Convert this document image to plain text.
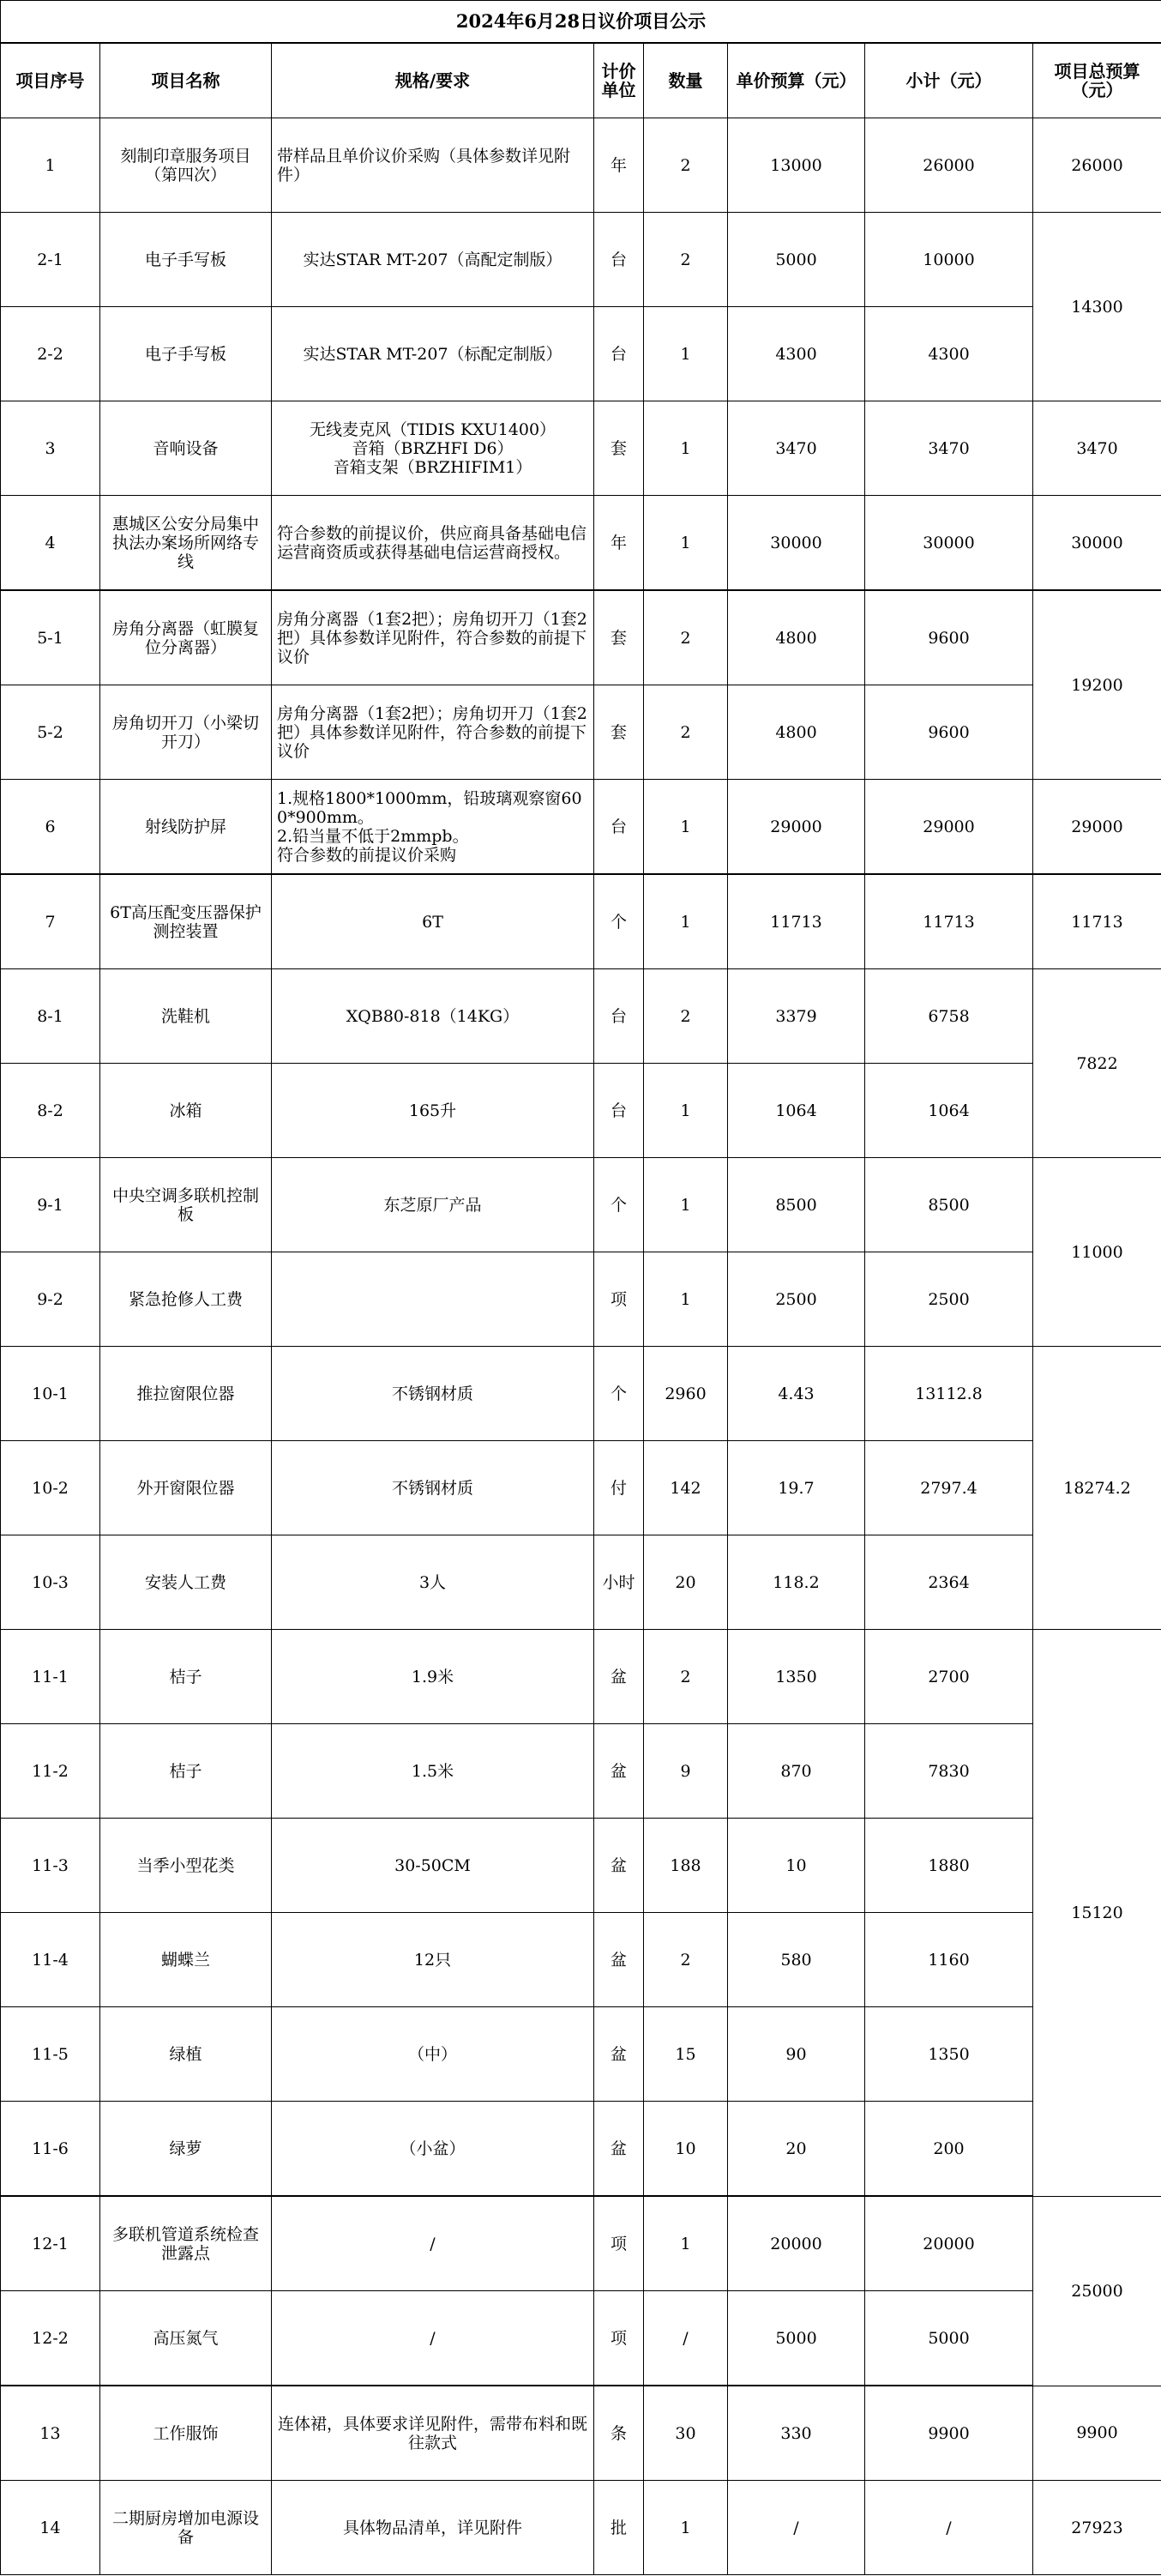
2024年6月28日议价项目公示							
项目序号	项目名称	规格/要求	计价单位	数量	单价预算（元）	小计（元）	项目总预算（元）
1	刻制印章服务项目（第四次）	带样品且单价议价采购（具体参数详见附件）	年	2	13000	26000	26000
2-1	电子手写板	实达STAR MT-207（高配定制版）	台	2	5000	10000	14300
2-2	电子手写板	实达STAR MT-207（标配定制版）	台	1	4300	4300	
3	音响设备	无线麦克风（TIDIS KXU1400）
音箱（BRZHFI D6）
音箱支架（BRZHIFIM1）	套	1	3470	3470	3470
4	惠城区公安分局集中执法办案场所网络专线	符合参数的前提议价，供应商具备基础电信运营商资质或获得基础电信运营商授权。	年	1	30000	30000	30000
5-1	房角分离器（虹膜复位分离器）	房角分离器（1套2把）；房角切开刀（1套2把）具体参数详见附件，符合参数的前提下议价	套	2	4800	9600	19200
5-2	房角切开刀（小梁切开刀）	房角分离器（1套2把）；房角切开刀（1套2把）具体参数详见附件，符合参数的前提下议价	套	2	4800	9600	
6	射线防护屏	1.规格1800*1000mm，铅玻璃观察窗600*900mm。
2.铅当量不低于2mmpb。
符合参数的前提议价采购	台	1	29000	29000	29000
7	6T高压配变压器保护测控装置	6T	个	1	11713	11713	11713
8-1	洗鞋机	XQB80-818（14KG）	台	2	3379	6758	7822
8-2	冰箱	165升	台	1	1064	1064	
9-1	中央空调多联机控制板	东芝原厂产品	个	1	8500	8500	11000
9-2	紧急抢修人工费		项	1	2500	2500	
10-1	推拉窗限位器	不锈钢材质	个	2960	4.43	13112.8	18274.2
10-2	外开窗限位器	不锈钢材质	付	142	19.7	2797.4	
10-3	安装人工费	3人	小时	20	118.2	2364	
11-1	桔子	1.9米	盆	2	1350	2700	15120
11-2	桔子	1.5米	盆	9	870	7830	
11-3	当季小型花类	30-50CM	盆	188	10	1880	
11-4	蝴蝶兰	12只	盆	2	580	1160	
11-5	绿植	（中）	盆	15	90	1350	
11-6	绿萝	（小盆）	盆	10	20	200	
12-1	多联机管道系统检查泄露点	/	项	1	20000	20000	25000
12-2	高压氮气	/	项	/	5000	5000	
13	工作服饰	连体裙，具体要求详见附件，需带布料和既往款式	条	30	330	9900	9900
14	二期厨房增加电源设备	具体物品清单，详见附件	批	1	/	/	27923
